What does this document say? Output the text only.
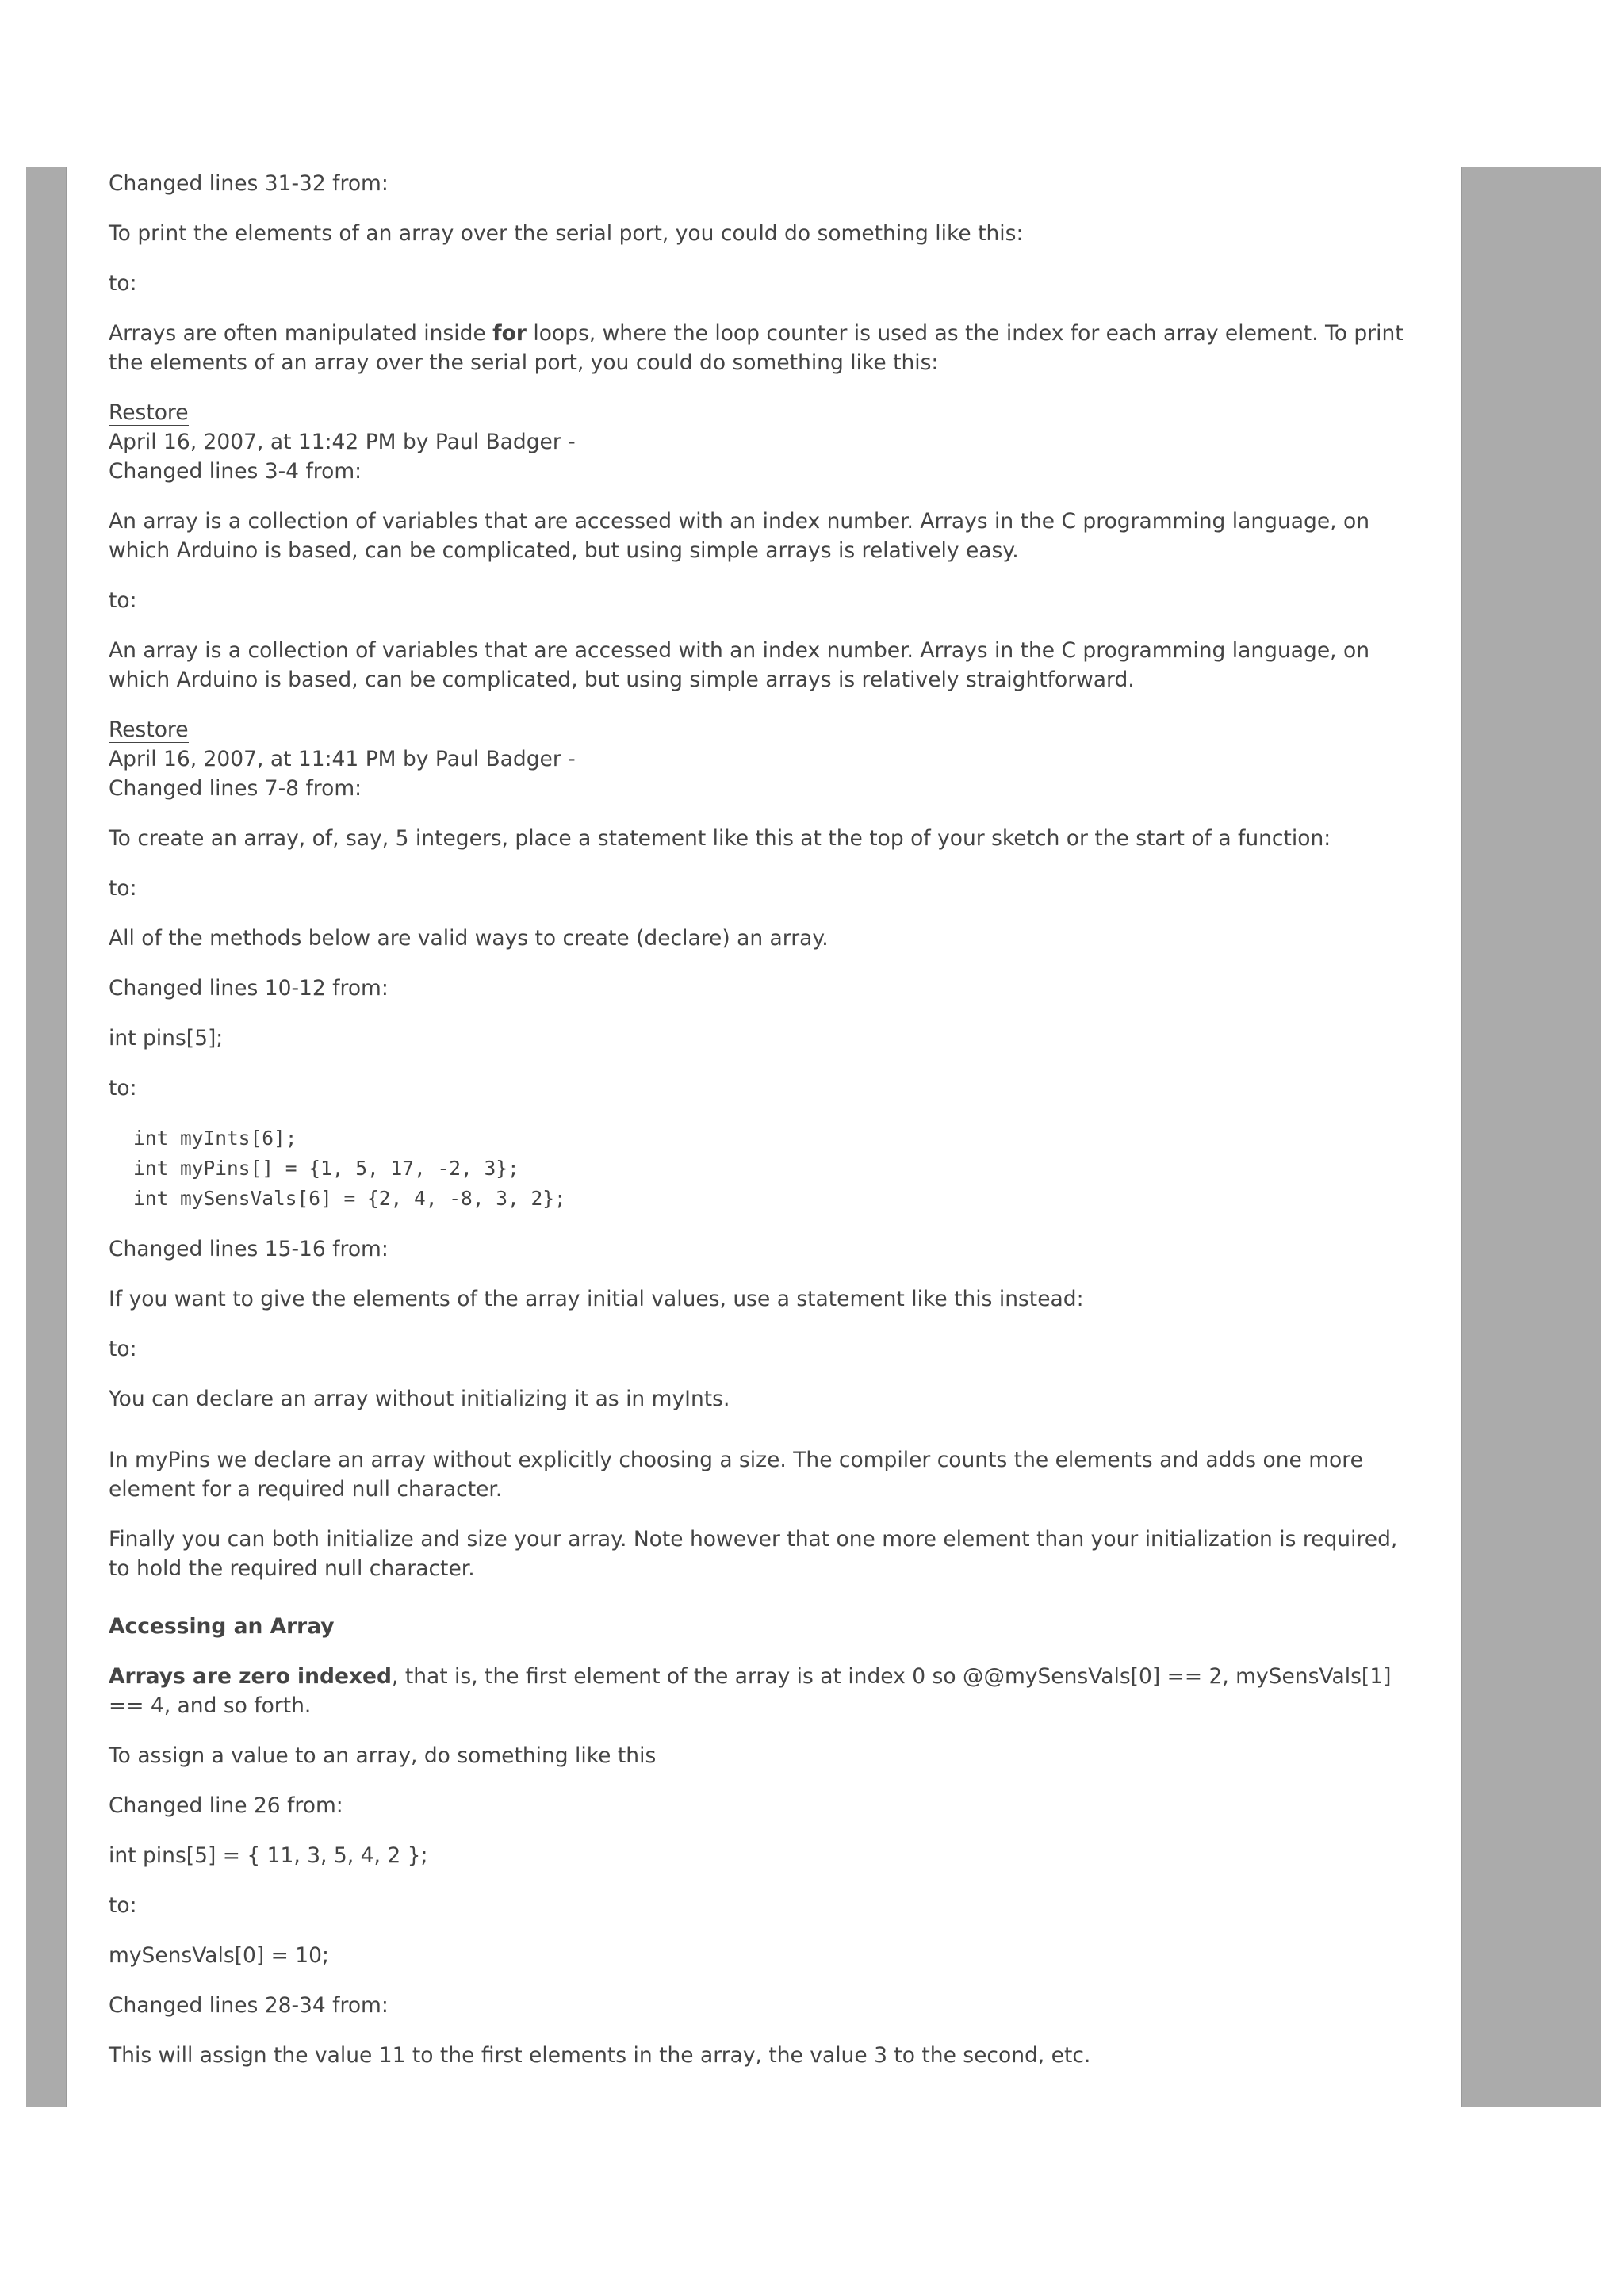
Changed lines 31-32 from:

To print the elements of an array over the serial port, you could do something like this:

to:

Arrays are often manipulated inside for loops, where the loop counter is used as the index for each array element. To print the elements of an array over the serial port, you could do something like this:

Restore
April 16, 2007, at 11:42 PM by Paul Badger -
Changed lines 3-4 from:

An array is a collection of variables that are accessed with an index number. Arrays in the C programming language, on which Arduino is based, can be complicated, but using simple arrays is relatively easy.

to:

An array is a collection of variables that are accessed with an index number. Arrays in the C programming language, on which Arduino is based, can be complicated, but using simple arrays is relatively straightforward.

Restore
April 16, 2007, at 11:41 PM by Paul Badger -
Changed lines 7-8 from:

To create an array, of, say, 5 integers, place a statement like this at the top of your sketch or the start of a function:

to:

All of the methods below are valid ways to create (declare) an array.

Changed lines 10-12 from:

int pins[5];

to:

int myInts[6];
int myPins[] = {1, 5, 17, -2, 3};
int mySensVals[6] = {2, 4, -8, 3, 2};

Changed lines 15-16 from:

If you want to give the elements of the array initial values, use a statement like this instead:

to:

You can declare an array without initializing it as in myInts.

In myPins we declare an array without explicitly choosing a size. The compiler counts the elements and adds one more element for a required null character.

Finally you can both initialize and size your array. Note however that one more element than your initialization is required, to hold the required null character.

Accessing an Array

Arrays are zero indexed, that is, the first element of the array is at index 0 so @@mySensVals[0] == 2, mySensVals[1] == 4, and so forth.

To assign a value to an array, do something like this

Changed line 26 from:

int pins[5] = { 11, 3, 5, 4, 2 };

to:

mySensVals[0] = 10;

Changed lines 28-34 from:

This will assign the value 11 to the first elements in the array, the value 3 to the second, etc.
